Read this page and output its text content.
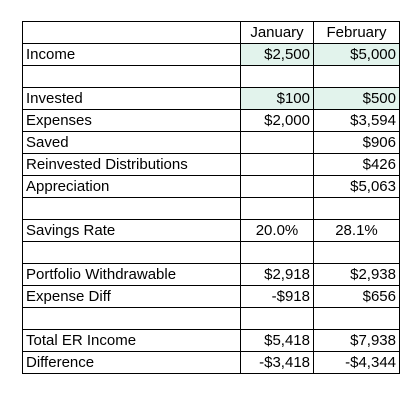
	January	February
Income	$2,500	$5,000

Invested	$100	$500
Expenses	$2,000	$3,594
Saved		$906
Reinvested Distributions		$426
Appreciation		$5,063

Savings Rate	20.0%	28.1%

Portfolio Withdrawable	$2,918	$2,938
Expense Diff	-$918	$656

Total ER Income	$5,418	$7,938
Difference	-$3,418	-$4,344
